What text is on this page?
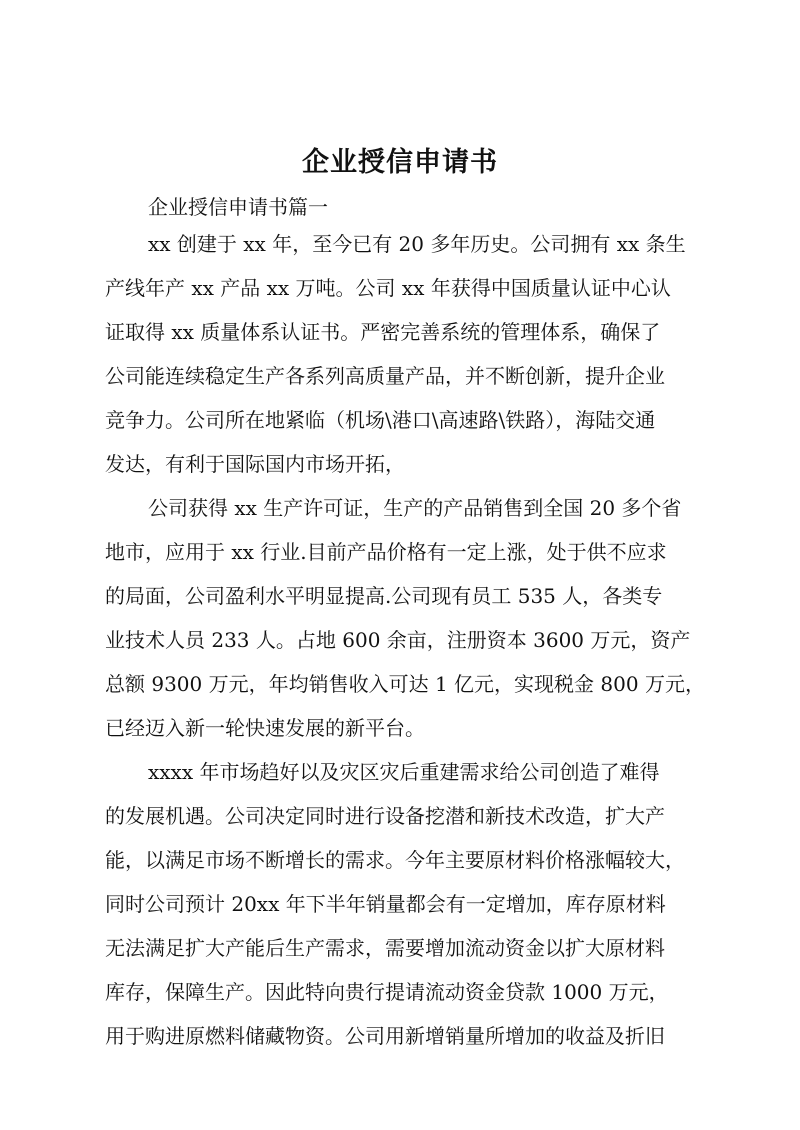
企业授信申请书

企业授信申请书篇一

xx 创建于 xx 年，至今已有 20 多年历史。公司拥有 xx 条生

产线年产 xx 产品 xx 万吨。公司 xx 年获得中国质量认证中心认

证取得 xx 质量体系认证书。严密完善系统的管理体系，确保了

公司能连续稳定生产各系列高质量产品，并不断创新，提升企业

竞争力。公司所在地紧临（机场\港口\高速路\铁路），海陆交通

发达，有利于国际国内市场开拓，

公司获得 xx 生产许可证，生产的产品销售到全国 20 多个省

地市，应用于 xx 行业.目前产品价格有一定上涨，处于供不应求

的局面，公司盈利水平明显提高.公司现有员工 535 人，各类专

业技术人员 233 人。占地 600 余亩，注册资本 3600 万元，资产

总额 9300 万元，年均销售收入可达 1 亿元，实现税金 800 万元，

已经迈入新一轮快速发展的新平台。

xxxx 年市场趋好以及灾区灾后重建需求给公司创造了难得

的发展机遇。公司决定同时进行设备挖潜和新技术改造，扩大产

能，以满足市场不断增长的需求。今年主要原材料价格涨幅较大，

同时公司预计 20xx 年下半年销量都会有一定增加，库存原材料

无法满足扩大产能后生产需求，需要增加流动资金以扩大原材料

库存，保障生产。因此特向贵行提请流动资金贷款 1000 万元，

用于购进原燃料储藏物资。公司用新增销量所增加的收益及折旧
